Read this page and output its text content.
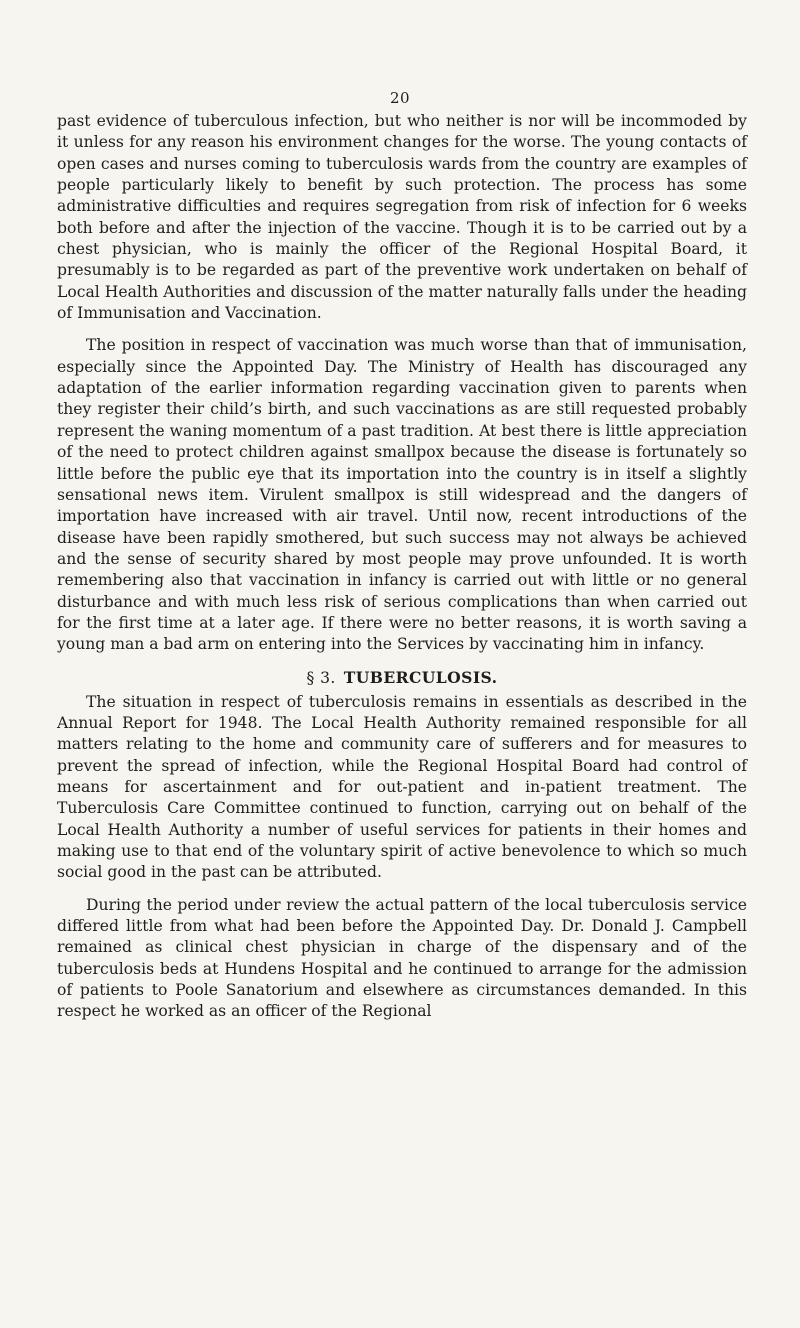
20

past evidence of tuberculous infection, but who neither is nor will be incommoded by it unless for any reason his environment changes for the worse. The young contacts of open cases and nurses coming to tuberculosis wards from the country are examples of people particularly likely to benefit by such protection. The process has some administrative difficulties and requires segregation from risk of infection for 6 weeks both before and after the injection of the vaccine. Though it is to be carried out by a chest physician, who is mainly the officer of the Regional Hospital Board, it presumably is to be regarded as part of the preventive work undertaken on behalf of Local Health Authorities and discussion of the matter naturally falls under the heading of Immunisation and Vaccination.

The position in respect of vaccination was much worse than that of immunisation, especially since the Appointed Day. The Ministry of Health has discouraged any adaptation of the earlier information regarding vaccination given to parents when they register their child’s birth, and such vaccinations as are still requested probably represent the waning momentum of a past tradition. At best there is little appreciation of the need to protect children against smallpox because the disease is fortunately so little before the public eye that its importation into the country is in itself a slightly sensational news item. Virulent smallpox is still widespread and the dangers of importation have increased with air travel. Until now, recent introductions of the disease have been rapidly smothered, but such success may not always be achieved and the sense of security shared by most people may prove unfounded. It is worth remembering also that vaccination in infancy is carried out with little or no general disturbance and with much less risk of serious complications than when carried out for the first time at a later age. If there were no better reasons, it is worth saving a young man a bad arm on entering into the Services by vaccinating him in infancy.

§ 3. TUBERCULOSIS.

The situation in respect of tuberculosis remains in essentials as described in the Annual Report for 1948. The Local Health Authority remained responsible for all matters relating to the home and community care of sufferers and for measures to prevent the spread of infection, while the Regional Hospital Board had control of means for ascertainment and for out-patient and in-patient treatment. The Tuberculosis Care Committee continued to function, carrying out on behalf of the Local Health Authority a number of useful services for patients in their homes and making use to that end of the voluntary spirit of active benevolence to which so much social good in the past can be attributed.

During the period under review the actual pattern of the local tuberculosis service differed little from what had been before the Appointed Day. Dr. Donald J. Campbell remained as clinical chest physician in charge of the dispensary and of the tuberculosis beds at Hundens Hospital and he continued to arrange for the admission of patients to Poole Sanatorium and elsewhere as circumstances demanded. In this respect he worked as an officer of the Regional
